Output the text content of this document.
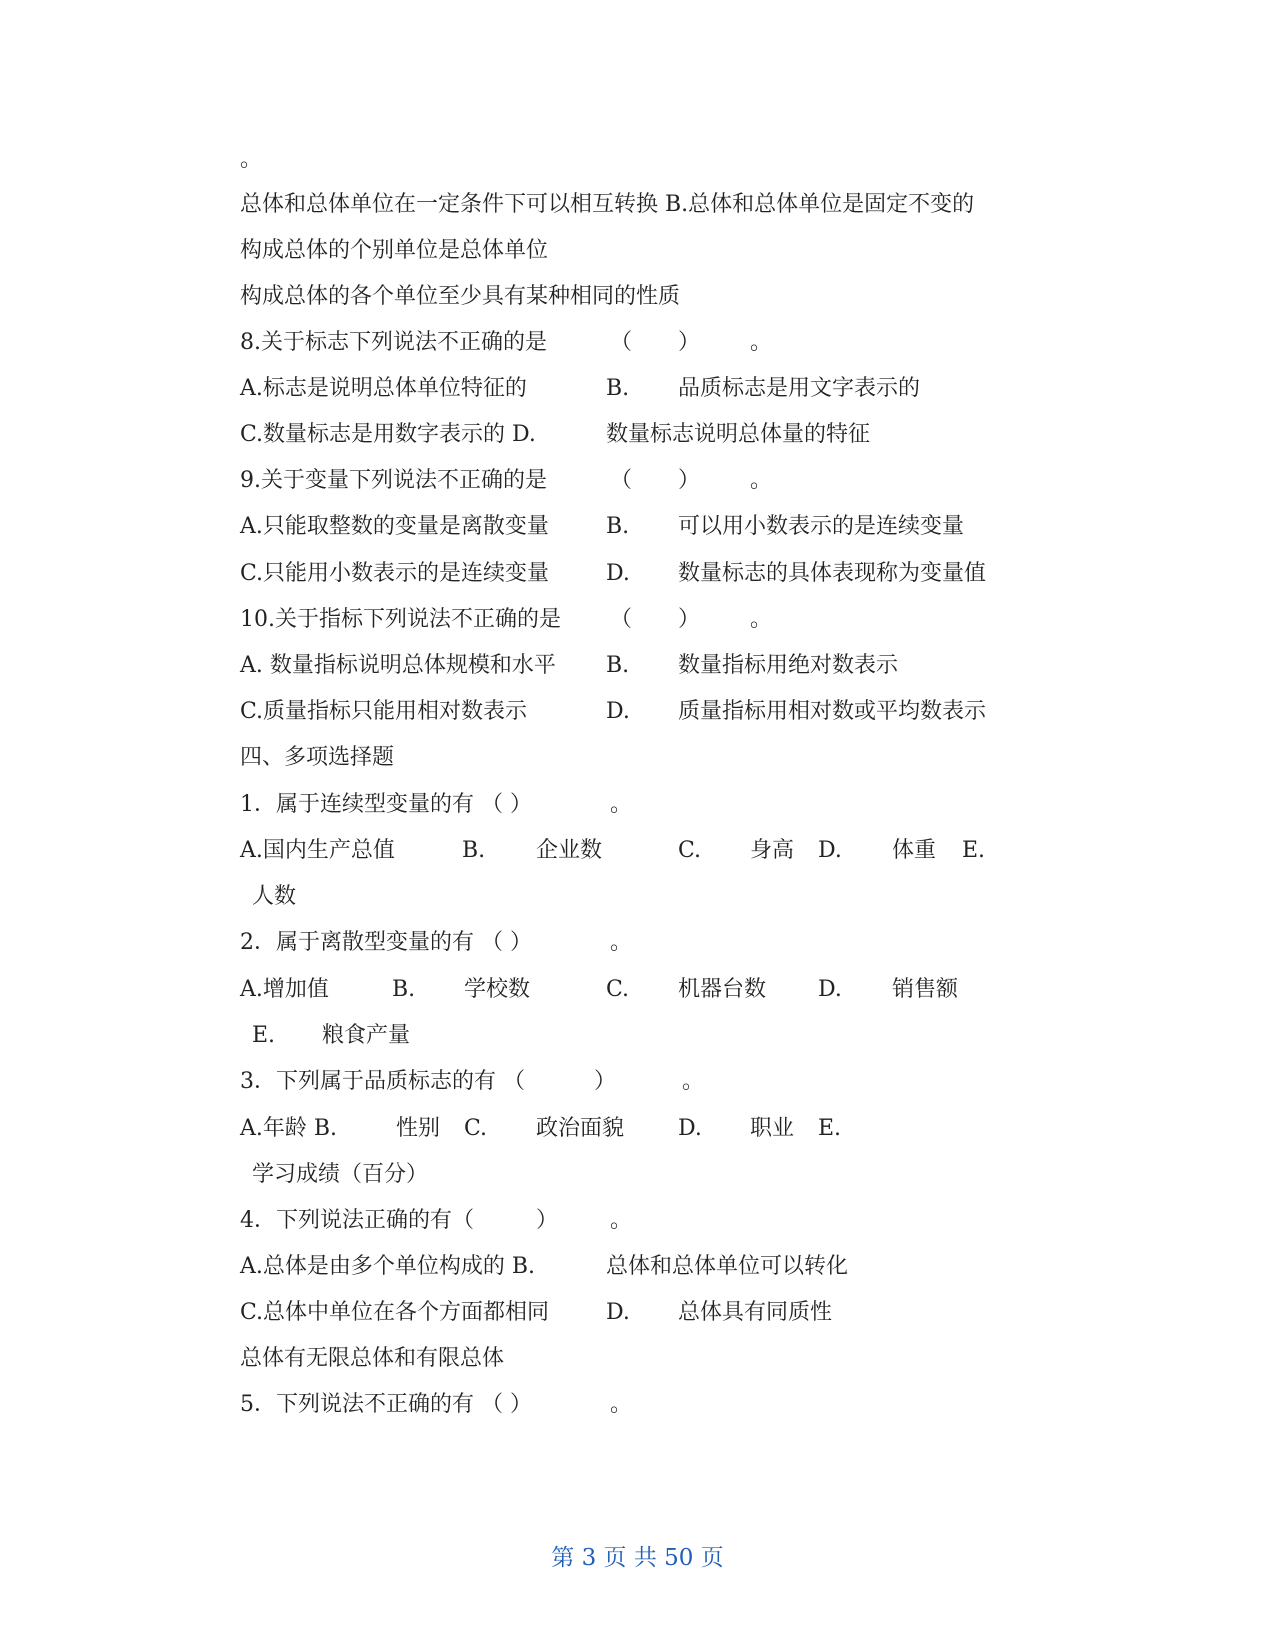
。
总体和总体单位在一定条件下可以相互转换 B.总体和总体单位是固定不变的
构成总体的个别单位是总体单位
构成总体的各个单位至少具有某种相同的性质
8.关于标志下列说法不正确的是	（ ） 。
A.标志是说明总体单位特征的	B. 品质标志是用文字表示的
C.数量标志是用数字表示的 D.	数量标志说明总体量的特征
9.关于变量下列说法不正确的是	（ ） 。
A.只能取整数的变量是离散变量	B. 可以用小数表示的是连续变量
C.只能用小数表示的是连续变量	D. 数量标志的具体表现称为变量值
10.关于指标下列说法不正确的是 （ ） 。
A. 数量指标说明总体规模和水平 B. 数量指标用绝对数表示
C.质量指标只能用相对数表示	D. 质量指标用相对数或平均数表示
四、多项选择题
1．属于连续型变量的有 （ ）	。
A.国内生产总值	B. 企业数	C. 身高 D. 体重 E.
人数
2．属于离散型变量的有 （ ）	。
A.增加值	B. 学校数	C. 机器台数 D. 销售额
E. 粮食产量
3．下列属于品质标志的有 （	）	。
A.年龄 B.	性别 C. 政治面貌 D. 职业 E.
学习成绩（百分）
4．下列说法正确的有（	） 。
A.总体是由多个单位构成的 B.	总体和总体单位可以转化
C.总体中单位在各个方面都相同	D. 总体具有同质性
总体有无限总体和有限总体
5．下列说法不正确的有 （ ）	。
第 3 页 共 50 页
